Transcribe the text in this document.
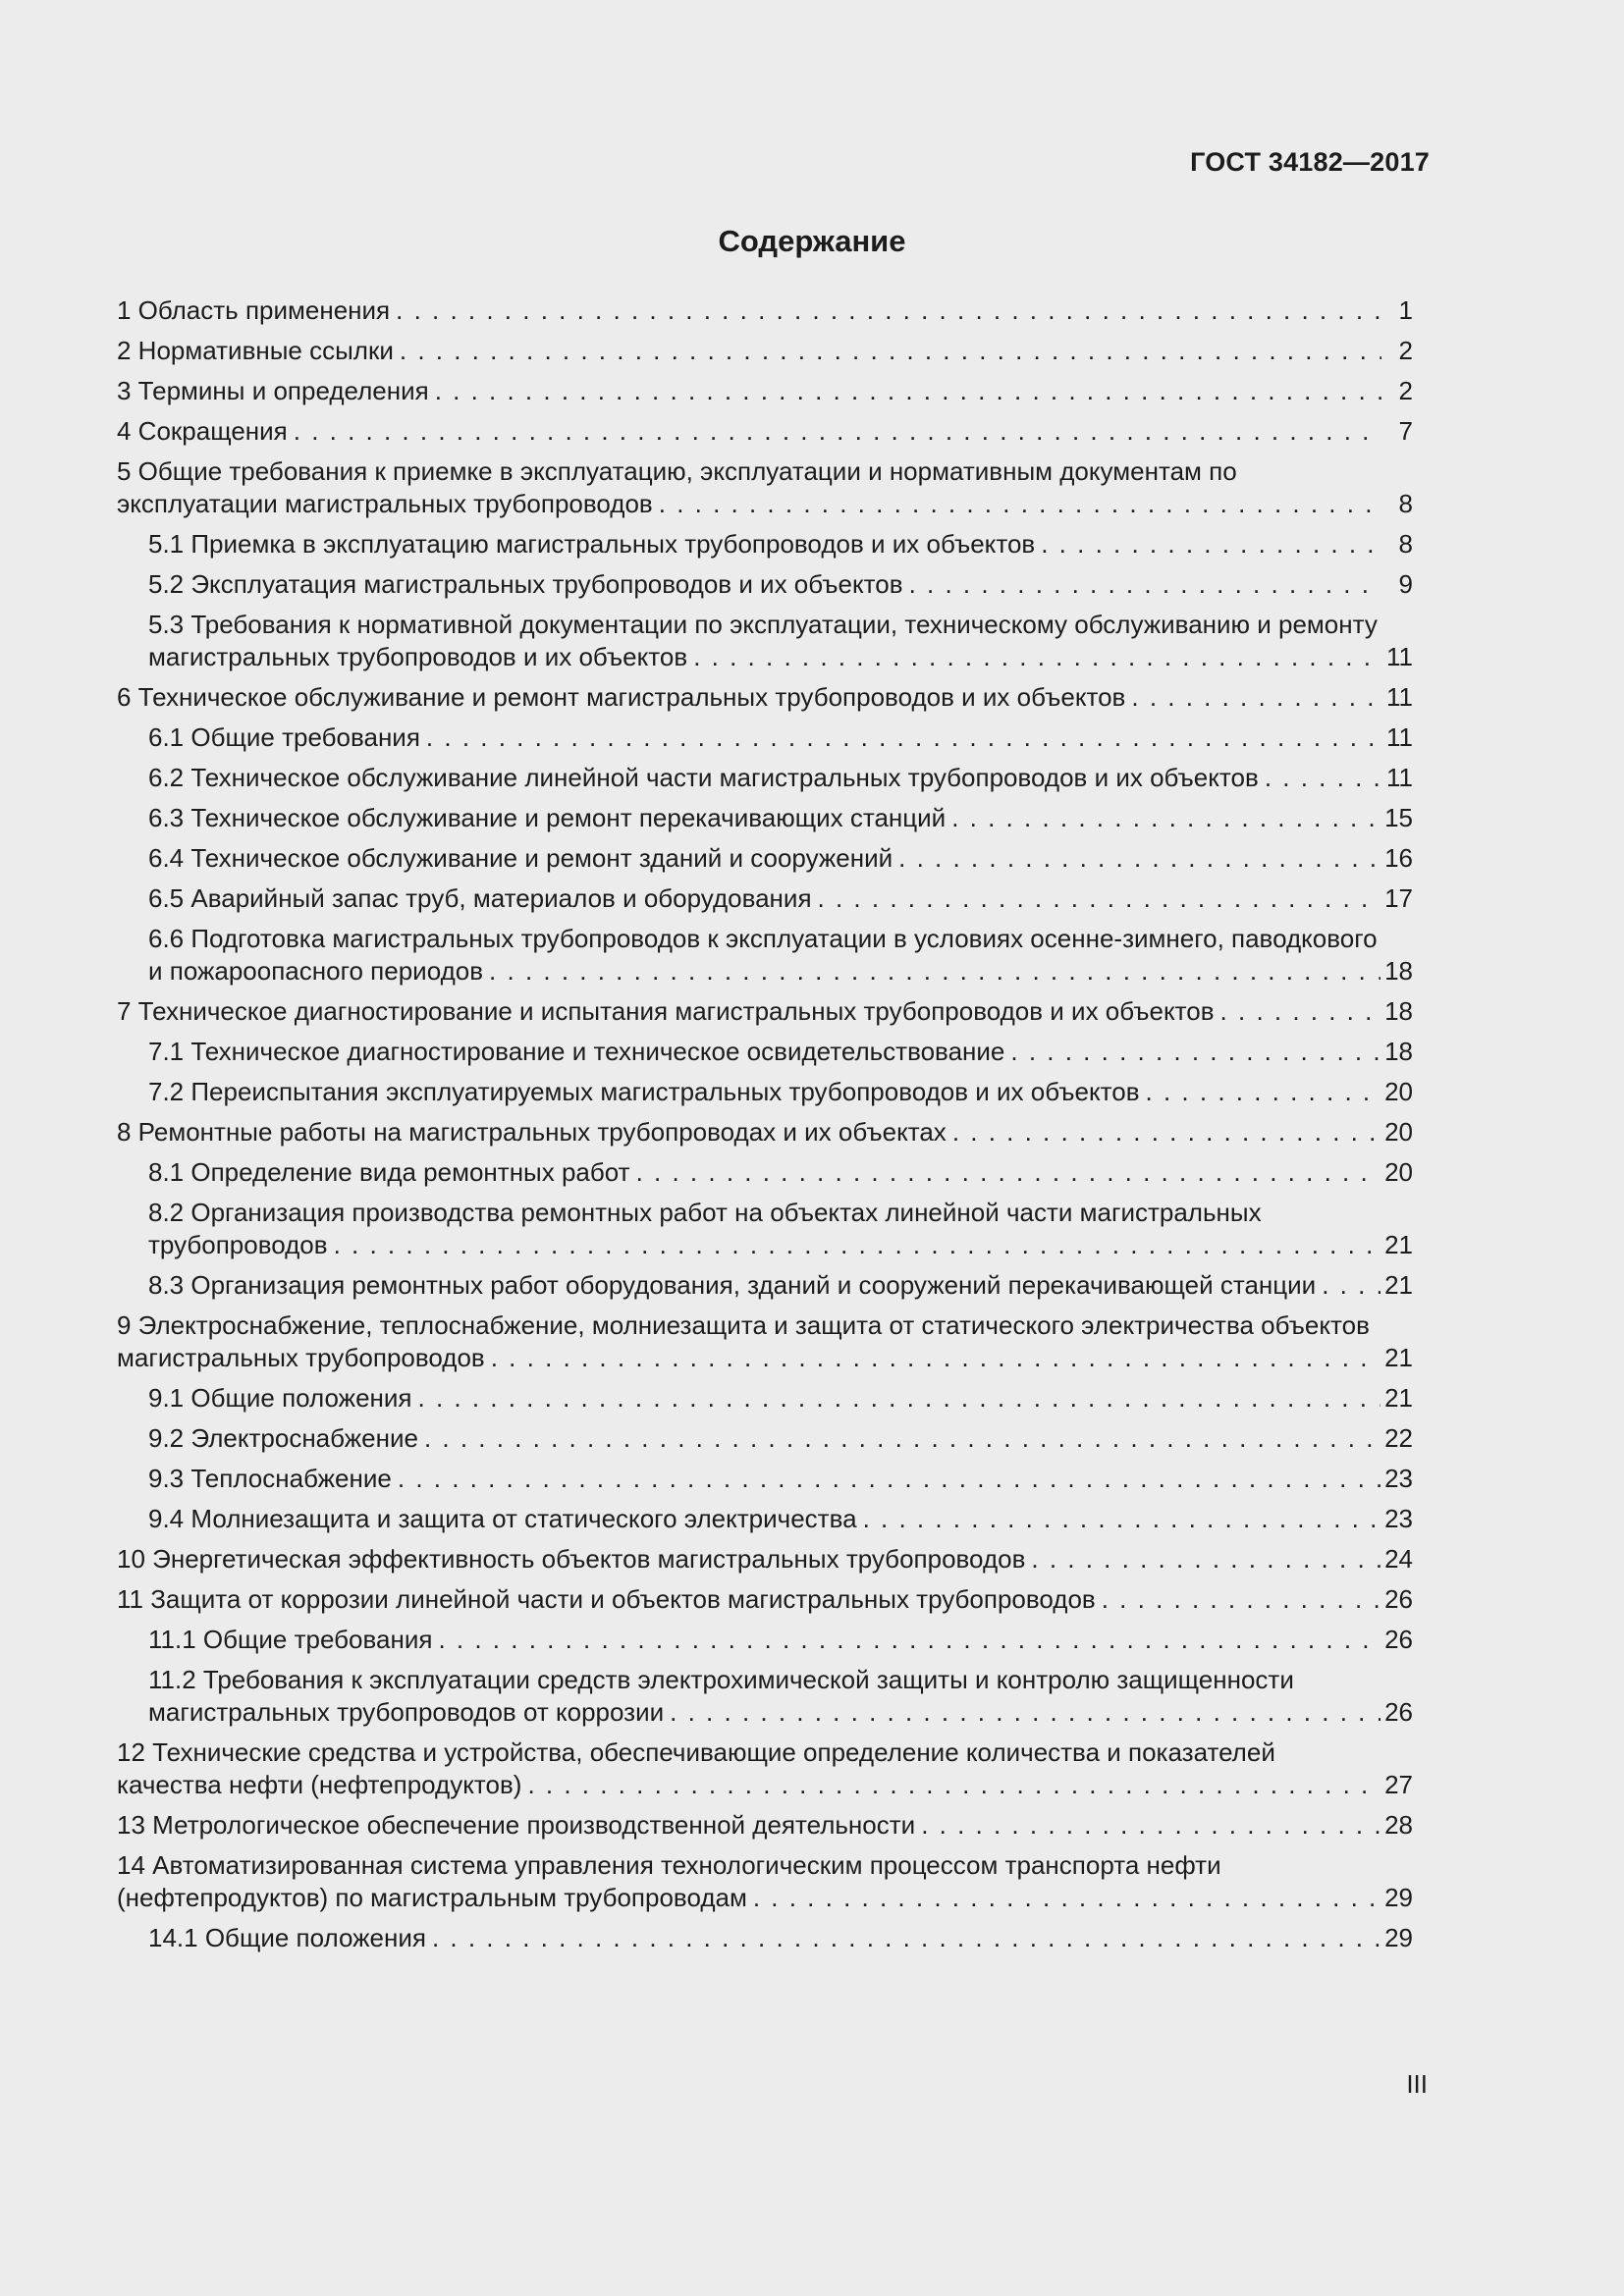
ГОСТ 34182—2017
Содержание
1 Область применения . . .	1
2 Нормативные ссылки . . .	2
3 Термины и определения . . .	2
4 Сокращения . . .	7
5 Общие требования к приемке в эксплуатацию, эксплуатации и нормативным документам по эксплуатации магистральных трубопроводов . . .	8
5.1 Приемка в эксплуатацию магистральных трубопроводов и их объектов . . .	8
5.2 Эксплуатация магистральных трубопроводов и их объектов . . .	9
5.3 Требования к нормативной документации по эксплуатации, техническому обслуживанию и ремонту магистральных трубопроводов и их объектов . . .	11
6 Техническое обслуживание и ремонт магистральных трубопроводов и их объектов . . .	11
6.1 Общие требования . . .	11
6.2 Техническое обслуживание линейной части магистральных трубопроводов и их объектов . . .	11
6.3 Техническое обслуживание и ремонт перекачивающих станций . . .	15
6.4 Техническое обслуживание и ремонт зданий и сооружений . . .	16
6.5 Аварийный запас труб, материалов и оборудования . . .	17
6.6 Подготовка магистральных трубопроводов к эксплуатации в условиях осенне-зимнего, паводкового и пожароопасного периодов . . .	18
7 Техническое диагностирование и испытания магистральных трубопроводов и их объектов . . .	18
7.1 Техническое диагностирование и техническое освидетельствование . . .	18
7.2 Переиспытания эксплуатируемых магистральных трубопроводов и их объектов . . .	20
8 Ремонтные работы на магистральных трубопроводах и их объектах . . .	20
8.1 Определение вида ремонтных работ . . .	20
8.2 Организация производства ремонтных работ на объектах линейной части магистральных трубопроводов . . .	21
8.3 Организация ремонтных работ оборудования, зданий и сооружений перекачивающей станции . . .	21
9 Электроснабжение, теплоснабжение, молниезащита и защита от статического электричества объектов магистральных трубопроводов . . .	21
9.1 Общие положения . . .	21
9.2 Электроснабжение . . .	22
9.3 Теплоснабжение . . .	23
9.4 Молниезащита и защита от статического электричества . . .	23
10 Энергетическая эффективность объектов магистральных трубопроводов . . .	24
11 Защита от коррозии линейной части и объектов магистральных трубопроводов . . .	26
11.1 Общие требования . . .	26
11.2 Требования к эксплуатации средств электрохимической защиты и контролю защищенности магистральных трубопроводов от коррозии . . .	26
12 Технические средства и устройства, обеспечивающие определение количества и показателей качества нефти (нефтепродуктов) . . .	27
13 Метрологическое обеспечение производственной деятельности . . .	28
14 Автоматизированная система управления технологическим процессом транспорта нефти (нефтепродуктов) по магистральным трубопроводам . . .	29
14.1 Общие положения . . .	29
III
